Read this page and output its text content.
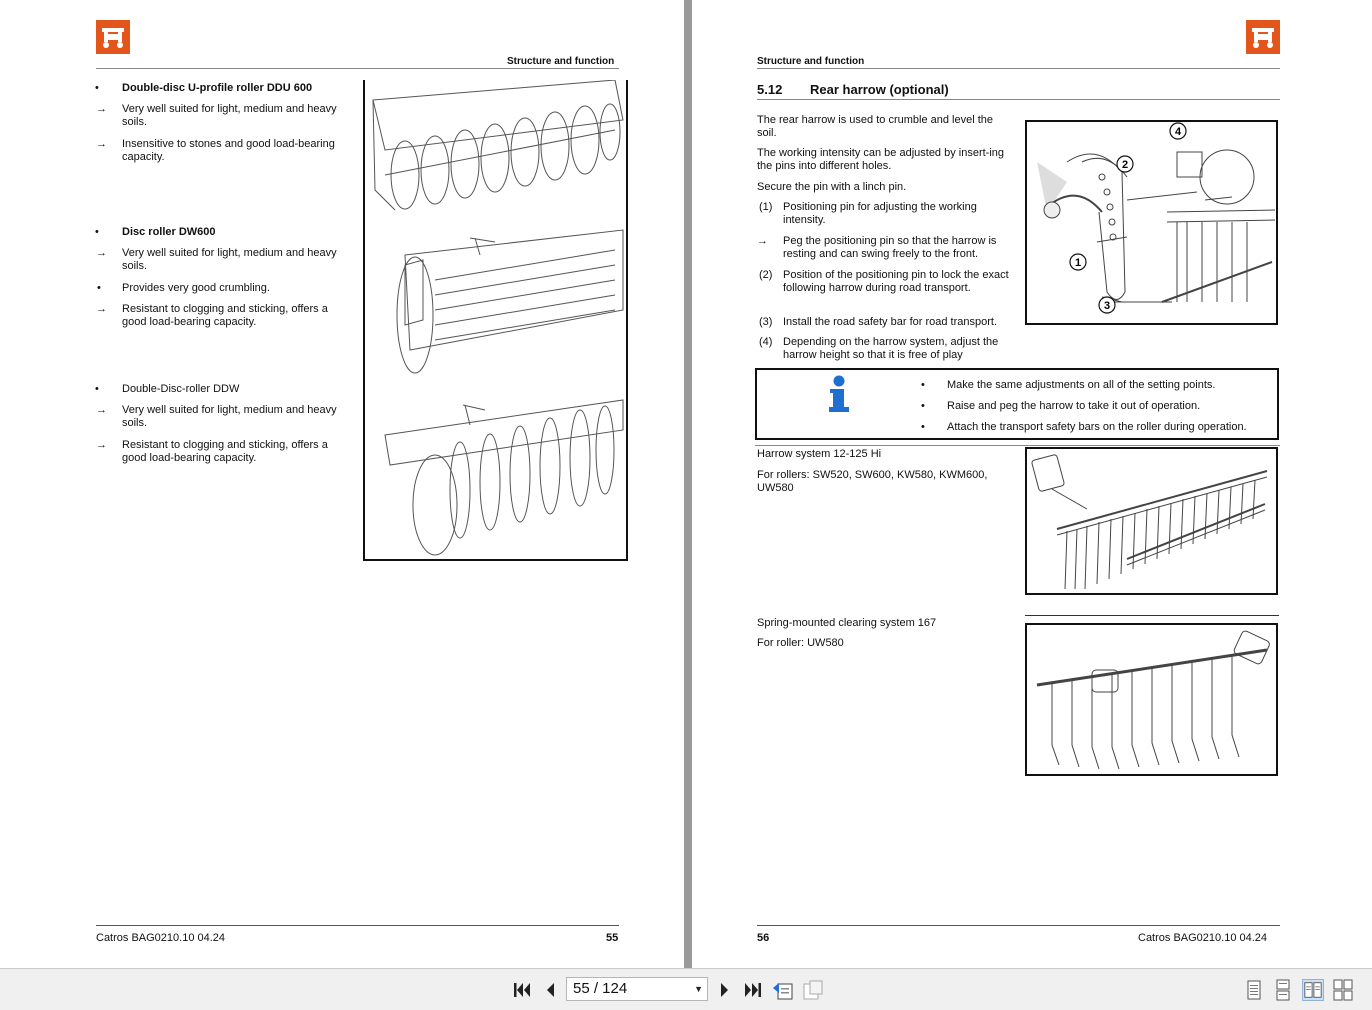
Structure and function
• Double-disc U-profile roller DDU 600
→ Very well suited for light, medium and heavy soils.
→ Insensitive to stones and good load-bearing capacity.
• Disc roller DW600
→ Very well suited for light, medium and heavy soils.
• Provides very good crumbling.
→ Resistant to clogging and sticking, offers a good load-bearing capacity.
• Double-Disc-roller DDW
→ Very well suited for light, medium and heavy soils.
→ Resistant to clogging and sticking, offers a good load-bearing capacity.
Catros BAG0210.10 04.24	55
Structure and function
5.12 Rear harrow (optional)
The rear harrow is used to crumble and level the soil.
The working intensity can be adjusted by insert-ing the pins into different holes.
Secure the pin with a linch pin.
(1) Positioning pin for adjusting the working intensity.
→ Peg the positioning pin so that the harrow is resting and can swing freely to the front.
(2) Position of the positioning pin to lock the exact following harrow during road transport.
(3) Install the road safety bar for road transport.
(4) Depending on the harrow system, adjust the harrow height so that it is free of play
1
2
3
4
• Make the same adjustments on all of the setting points.
• Raise and peg the harrow to take it out of operation.
• Attach the transport safety bars on the roller during operation.
Harrow system 12-125 Hi
For rollers: SW520, SW600, KW580, KWM600, UW580
Spring-mounted clearing system 167
For roller: UW580
56	Catros BAG0210.10 04.24
55 / 124	▼
